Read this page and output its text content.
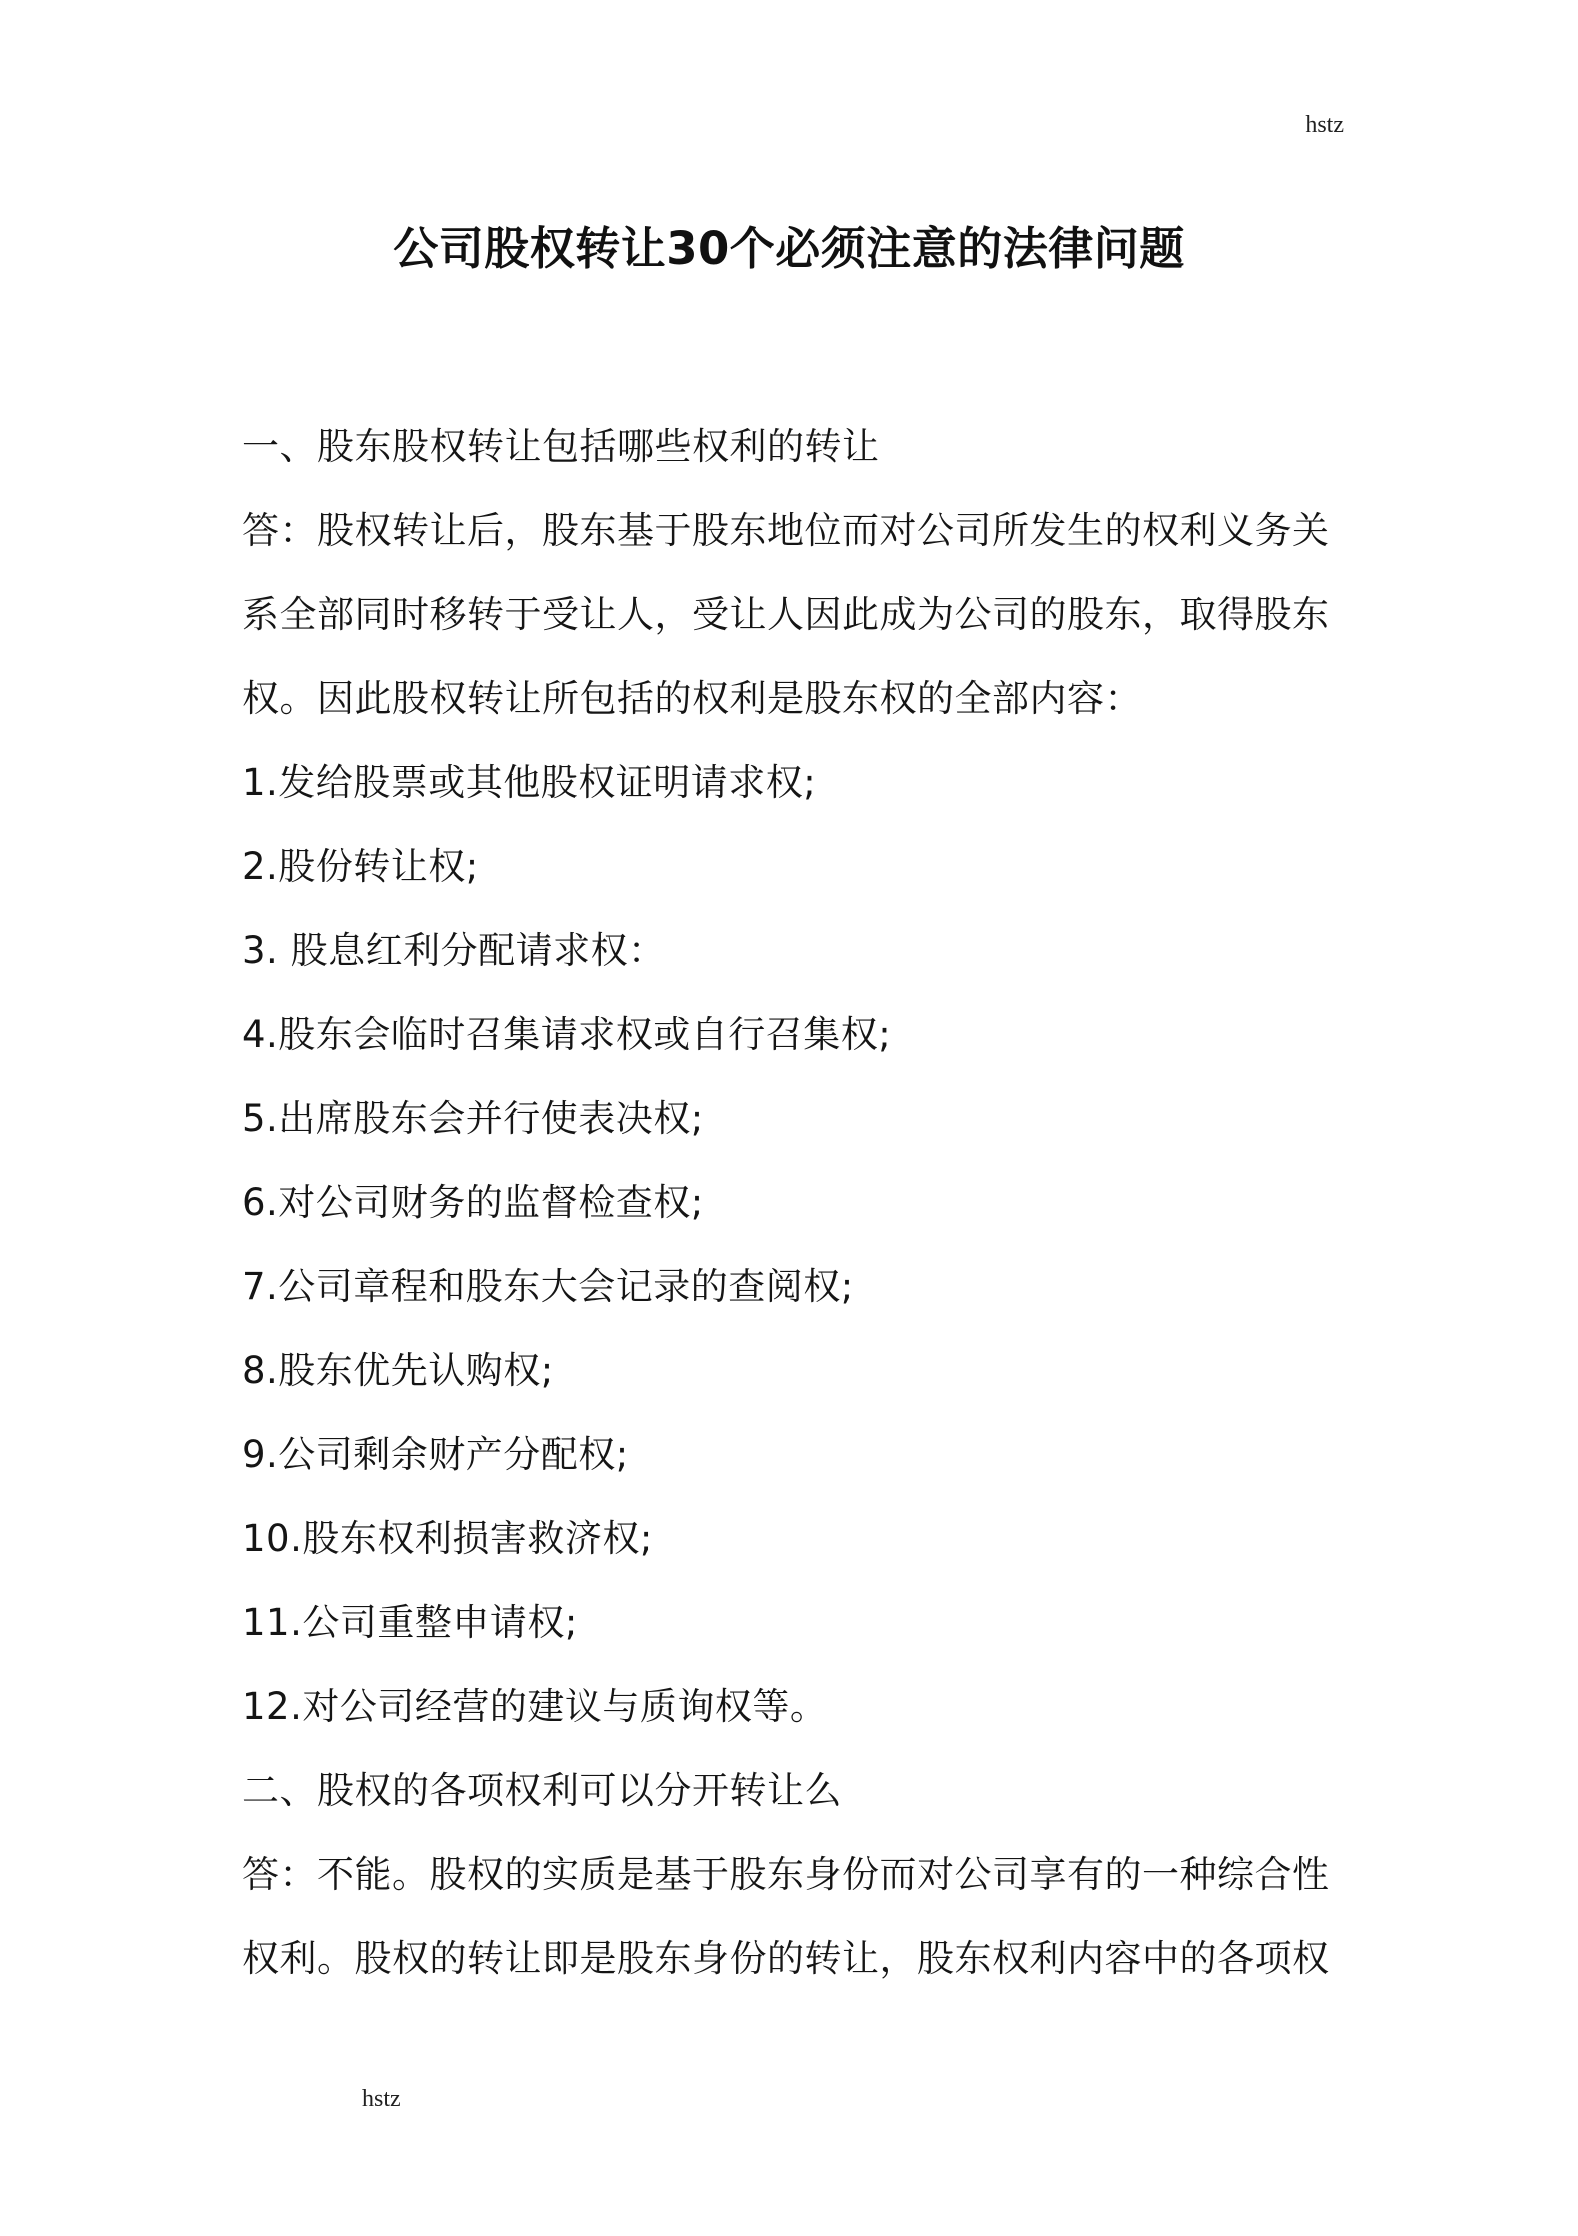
hstz
公司股权转让30个必须注意的法律问题
一、股东股权转让包括哪些权利的转让
答：股权转让后，股东基于股东地位而对公司所发生的权利义务关
系全部同时移转于受让人，受让人因此成为公司的股东，取得股东
权。因此股权转让所包括的权利是股东权的全部内容：
1.发给股票或其他股权证明请求权;
2.股份转让权;
3. 股息红利分配请求权：
4.股东会临时召集请求权或自行召集权;
5.出席股东会并行使表决权;
6.对公司财务的监督检查权;
7.公司章程和股东大会记录的查阅权;
8.股东优先认购权;
9.公司剩余财产分配权;
10.股东权利损害救济权;
11.公司重整申请权;
12.对公司经营的建议与质询权等。
二、股权的各项权利可以分开转让么
答：不能。股权的实质是基于股东身份而对公司享有的一种综合性
权利。股权的转让即是股东身份的转让，股东权利内容中的各项权
hstz
